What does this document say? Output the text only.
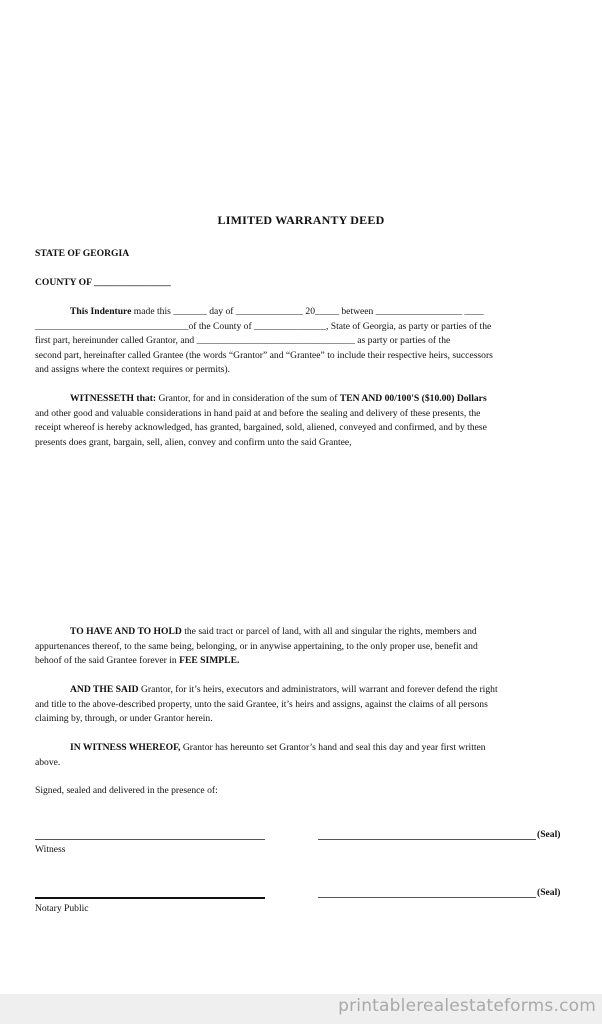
LIMITED WARRANTY DEED
STATE OF GEORGIA
COUNTY OF ________________
This Indenture made this _______ day of ______________ 20_____ between __________________ ____
________________________________of the County of _______________, State of Georgia, as party or parties of the
first part, hereinunder called Grantor, and _________________________________ as party or parties of the
second part, hereinafter called Grantee (the words “Grantor” and “Grantee” to include their respective heirs, successors
and assigns where the context requires or permits).
WITNESSETH that: Grantor, for and in consideration of the sum of TEN AND 00/100'S ($10.00) Dollars
and other good and valuable considerations in hand paid at and before the sealing and delivery of these presents, the
receipt whereof is hereby acknowledged, has granted, bargained, sold, aliened, conveyed and confirmed, and by these
presents does grant, bargain, sell, alien, convey and confirm unto the said Grantee,
TO HAVE AND TO HOLD the said tract or parcel of land, with all and singular the rights, members and
appurtenances thereof, to the same being, belonging, or in anywise appertaining, to the only proper use, benefit and
behoof of the said Grantee forever in FEE SIMPLE.
AND THE SAID Grantor, for it’s heirs, executors and administrators, will warrant and forever defend the right
and title to the above-described property, unto the said Grantee, it’s heirs and assigns, against the claims of all persons
claiming by, through, or under Grantor herein.
IN WITNESS WHEREOF, Grantor has hereunto set Grantor’s hand and seal this day and year first written
above.
Signed, sealed and delivered in the presence of:
(Seal)
Witness
(Seal)
Notary Public
printablerealestateforms.com
